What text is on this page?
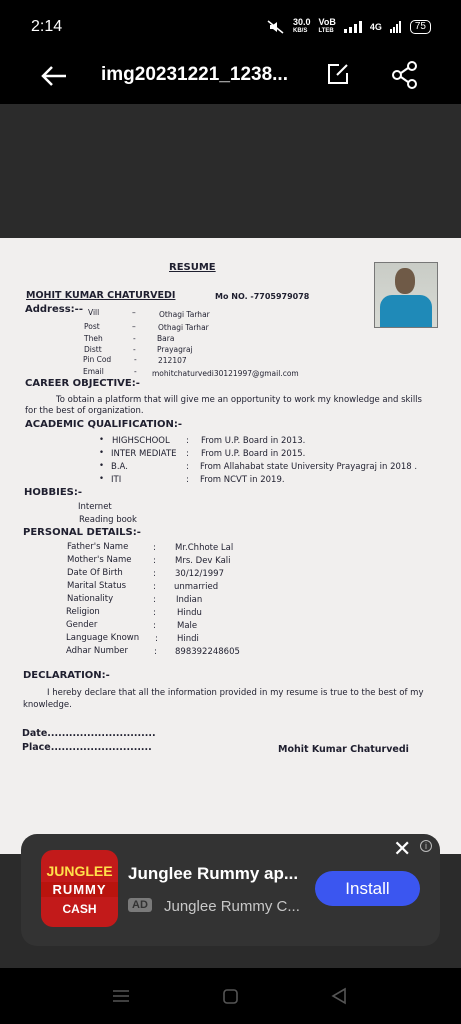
2:14	30.0
KB/S
VoB
LTEB	4G	75
img20231221_1238...
RESUME
MOHIT KUMAR CHATURVEDI	Mo NO. -7705979078
Address:-- Vill	–	Othagi Tarhar
Post	–	Othagi Tarhar
Theh	-	Bara
Distt	-	Prayagraj
Pin Cod	-	212107
Email	- mohitchaturvedi30121997@gmail.com
CAREER OBJECTIVE:-
To obtain a platform that will give me an opportunity to work my knowledge and skills
for the best of organization.
ACADEMIC QUALIFICATION:-
• HIGHSCHOOL : From U.P. Board in 2013.
• INTER MEDIATE : From U.P. Board in 2015.
• B.A.	: From Allahabat state University Prayagraj in 2018 .
• ITI	: From NCVT in 2019.
HOBBIES:-
Internet
Reading book
PERSONAL DETAILS:-
Father's Name	: Mr.Chhote Lal
Mother's Name	: Mrs. Dev Kali
Date Of Birth	: 30/12/1997
Marital Status	: unmarried
Nationality	: Indian
Religion	: Hindu
Gender	: Male
Language Known : Hindi
Adhar Number	: 898392248605
DECLARATION:-
I hereby declare that all the information provided in my resume is true to the best of my
knowledge.
Date..............................
Place............................	Mohit Kumar Chaturvedi
JUNGLEE
RUMMY
CASH
Junglee Rummy ap...
AD Junglee Rummy C...
Install
✕	i
